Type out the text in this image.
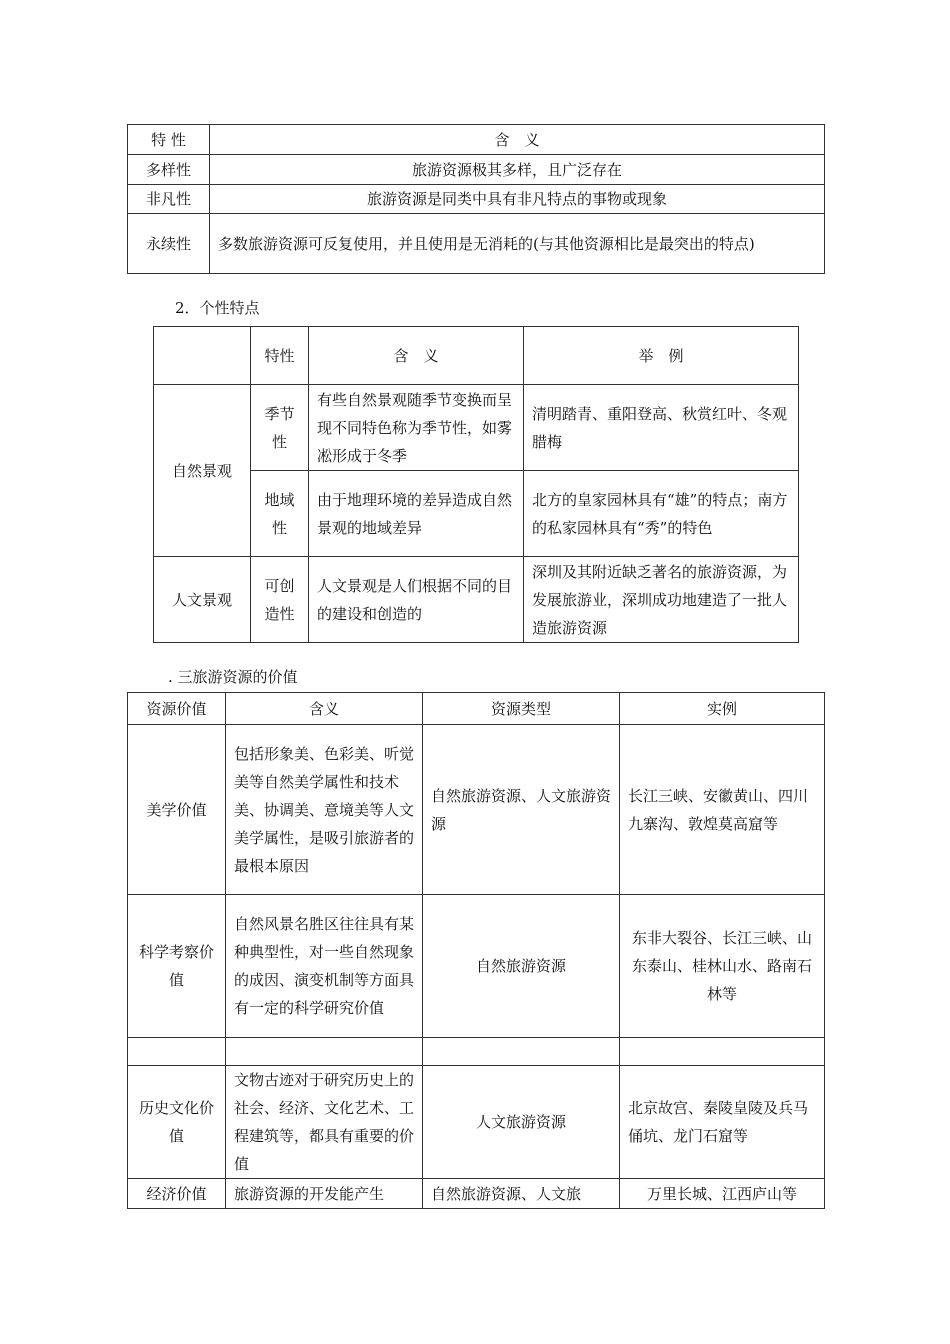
特 性	含　义
多样性	旅游资源极其多样，且广泛存在
非凡性	旅游资源是同类中具有非凡特点的事物或现象
永续性	多数旅游资源可反复使用，并且使用是无消耗的(与其他资源相比是最突出的特点)
2．个性特点
	特性	含　义	举　例
自然景观	季节性	有些自然景观随季节变换而呈现不同特色称为季节性，如雾凇形成于冬季	清明踏青、重阳登高、秋赏红叶、冬观腊梅
	地域性	由于地理环境的差异造成自然景观的地域差异	北方的皇家园林具有“雄”的特点；南方的私家园林具有“秀”的特色
人文景观	可创造性	人文景观是人们根据不同的目的建设和创造的	深圳及其附近缺乏著名的旅游资源，为发展旅游业，深圳成功地建造了一批人造旅游资源
. 三旅游资源的价值
资源价值	含义	资源类型	实例
美学价值	包括形象美、色彩美、听觉美等自然美学属性和技术美、协调美、意境美等人文美学属性，是吸引旅游者的最根本原因	自然旅游资源、人文旅游资源	长江三峡、安徽黄山、四川九寨沟、敦煌莫高窟等
科学考察价值	自然风景名胜区往往具有某种典型性，对一些自然现象的成因、演变机制等方面具有一定的科学研究价值	自然旅游资源	东非大裂谷、长江三峡、山东泰山、桂林山水、路南石林等

历史文化价值	文物古迹对于研究历史上的社会、经济、文化艺术、工程建筑等，都具有重要的价值	人文旅游资源	北京故宫、秦陵皇陵及兵马俑坑、龙门石窟等
经济价值	旅游资源的开发能产生	自然旅游资源、人文旅	万里长城、江西庐山等
